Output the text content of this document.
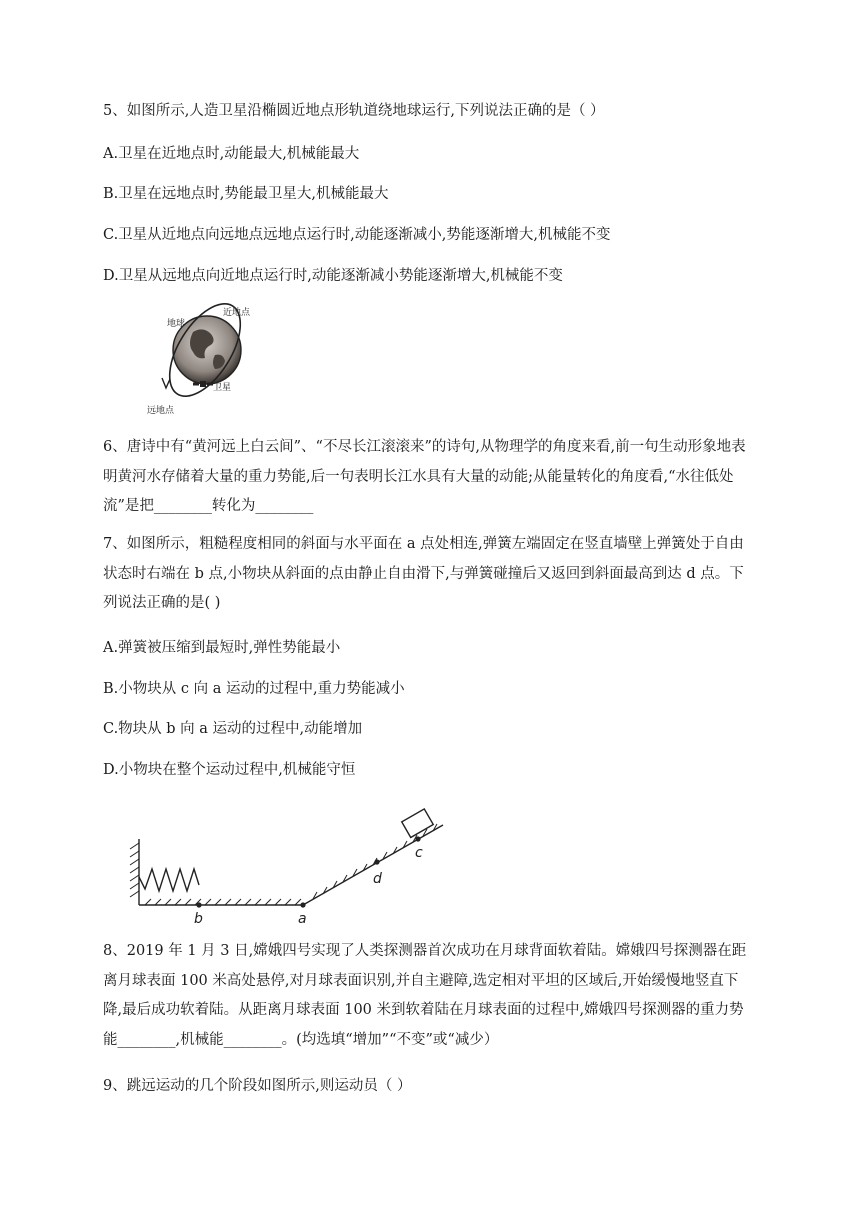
5、如图所示,人造卫星沿椭圆近地点形轨道绕地球运行,下列说法正确的是（ ）
A.卫星在近地点时,动能最大,机械能最大
B.卫星在远地点时,势能最卫星大,机械能最大
C.卫星从近地点向远地点远地点运行时,动能逐渐减小,势能逐渐增大,机械能不变
D.卫星从远地点向近地点运行时,动能逐渐减小势能逐渐增大,机械能不变
地球
近地点
卫星
远地点
6、唐诗中有“黄河远上白云间”、“不尽长江滚滚来”的诗句,从物理学的角度来看,前一句生动形象地表明黄河水存储着大量的重力势能,后一句表明长江水具有大量的动能;从能量转化的角度看,“水往低处流”是把________转化为________
7、如图所示，粗糙程度相同的斜面与水平面在 a 点处相连,弹簧左端固定在竖直墙壁上弹簧处于自由状态时右端在 b 点,小物块从斜面的点由静止自由滑下,与弹簧碰撞后又返回到斜面最高到达 d 点。下列说法正确的是( )
A.弹簧被压缩到最短时,弹性势能最小
B.小物块从 c 向 a 运动的过程中,重力势能减小
C.物块从 b 向 a 运动的过程中,动能增加
D.小物块在整个运动过程中,机械能守恒
b	a
d
c
8、2019 年 1 月 3 日,嫦娥四号实现了人类探测器首次成功在月球背面软着陆。嫦娥四号探测器在距离月球表面 100 米高处悬停,对月球表面识别,并自主避障,选定相对平坦的区域后,开始缓慢地竖直下降,最后成功软着陆。从距离月球表面 100 米到软着陆在月球表面的过程中,嫦娥四号探测器的重力势能________,机械能________。(均选填“增加”“不变”或“减少）
9、跳远运动的几个阶段如图所示,则运动员（ ）
